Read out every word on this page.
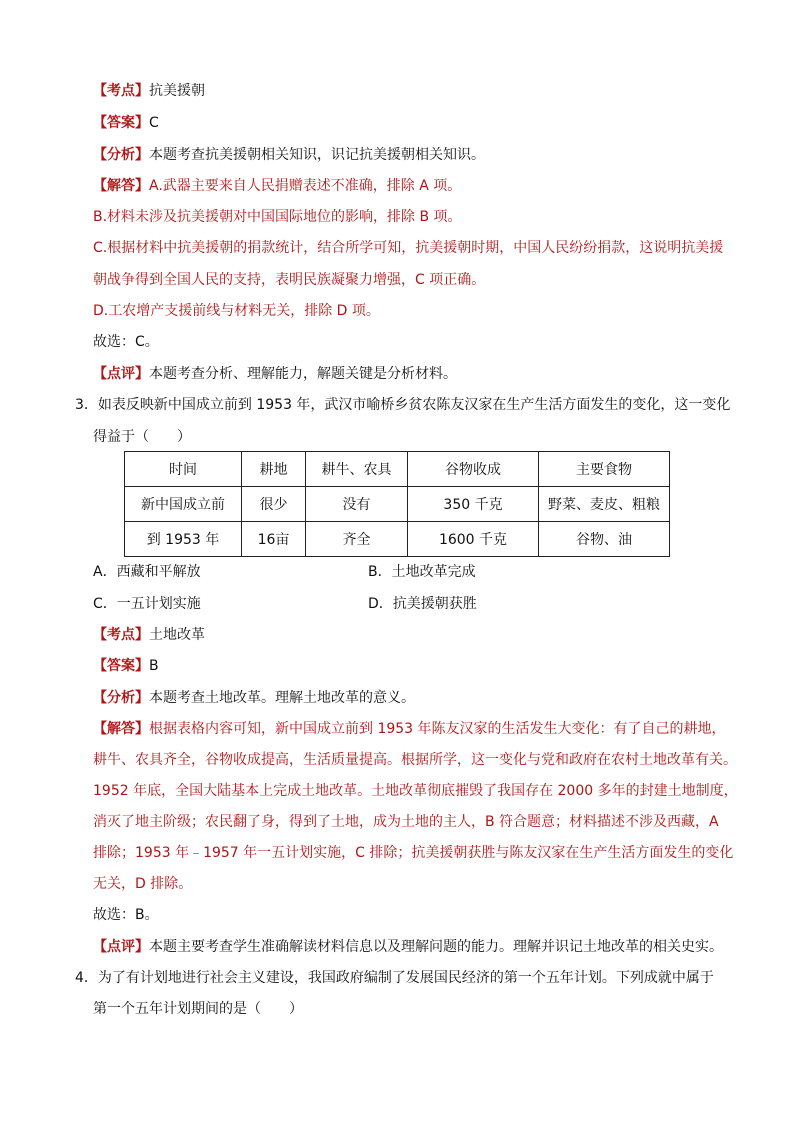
【考点】抗美援朝
【答案】C
【分析】本题考查抗美援朝相关知识，识记抗美援朝相关知识。
【解答】A.武器主要来自人民捐赠表述不准确，排除 A 项。
B.材料未涉及抗美援朝对中国国际地位的影响，排除 B 项。
C.根据材料中抗美援朝的捐款统计，结合所学可知，抗美援朝时期，中国人民纷纷捐款，这说明抗美援
朝战争得到全国人民的支持，表明民族凝聚力增强，C 项正确。
D.工农增产支援前线与材料无关，排除 D 项。
故选：C。
【点评】本题考查分析、理解能力，解题关键是分析材料。
3．如表反映新中国成立前到 1953 年，武汉市喻桥乡贫农陈友汉家在生产生活方面发生的变化，这一变化
得益于（　　）
时间	耕地	耕牛、农具	谷物收成	主要食物
新中国成立前	很少	没有	350 千克	野菜、麦皮、粗粮
到 1953 年	16亩	齐全	1600 千克	谷物、油
A．西藏和平解放	B．土地改革完成
C．一五计划实施	D．抗美援朝获胜
【考点】土地改革
【答案】B
【分析】本题考查土地改革。理解土地改革的意义。
【解答】根据表格内容可知，新中国成立前到 1953 年陈友汉家的生活发生大变化：有了自己的耕地，
耕牛、农具齐全，谷物收成提高，生活质量提高。根据所学，这一变化与党和政府在农村土地改革有关。
1952 年底，全国大陆基本上完成土地改革。土地改革彻底摧毁了我国存在 2000 多年的封建土地制度，
消灭了地主阶级；农民翻了身，得到了土地，成为土地的主人，B 符合题意；材料描述不涉及西藏，A
排除；1953 年﹣1957 年一五计划实施，C 排除；抗美援朝获胜与陈友汉家在生产生活方面发生的变化
无关，D 排除。
故选：B。
【点评】本题主要考查学生准确解读材料信息以及理解问题的能力。理解并识记土地改革的相关史实。
4．为了有计划地进行社会主义建设，我国政府编制了发展国民经济的第一个五年计划。下列成就中属于
第一个五年计划期间的是（　　）
